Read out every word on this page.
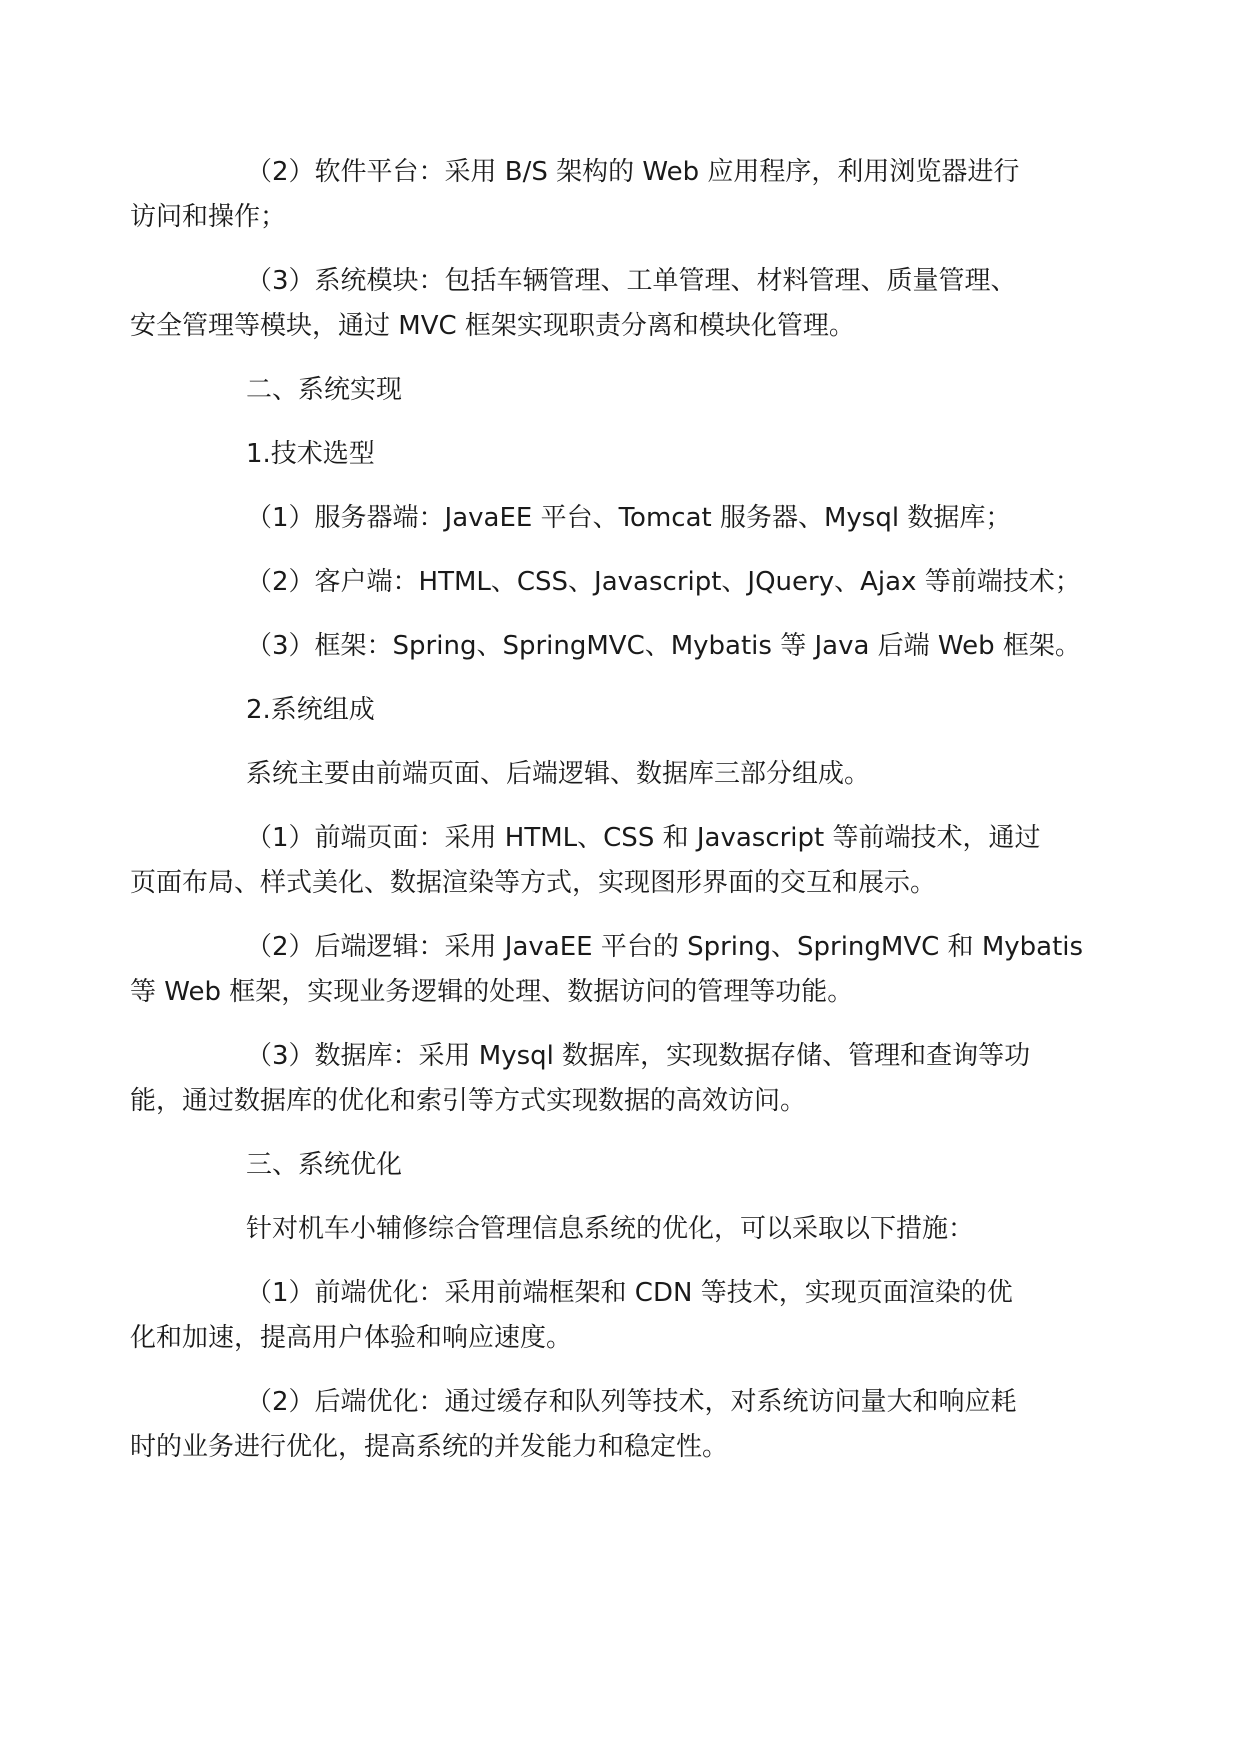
（2）软件平台：采用 B/S 架构的 Web 应用程序，利用浏览器进行
访问和操作；

（3）系统模块：包括车辆管理、工单管理、材料管理、质量管理、
安全管理等模块，通过 MVC 框架实现职责分离和模块化管理。

二、系统实现

1.技术选型

（1）服务器端：JavaEE 平台、Tomcat 服务器、Mysql 数据库；

（2）客户端：HTML、CSS、Javascript、JQuery、Ajax 等前端技术；

（3）框架：Spring、SpringMVC、Mybatis 等 Java 后端 Web 框架。

2.系统组成

系统主要由前端页面、后端逻辑、数据库三部分组成。

（1）前端页面：采用 HTML、CSS 和 Javascript 等前端技术，通过
页面布局、样式美化、数据渲染等方式，实现图形界面的交互和展示。

（2）后端逻辑：采用 JavaEE 平台的 Spring、SpringMVC 和 Mybatis
等 Web 框架，实现业务逻辑的处理、数据访问的管理等功能。

（3）数据库：采用 Mysql 数据库，实现数据存储、管理和查询等功
能，通过数据库的优化和索引等方式实现数据的高效访问。

三、系统优化

针对机车小辅修综合管理信息系统的优化，可以采取以下措施：

（1）前端优化：采用前端框架和 CDN 等技术，实现页面渲染的优
化和加速，提高用户体验和响应速度。

（2）后端优化：通过缓存和队列等技术，对系统访问量大和响应耗
时的业务进行优化，提高系统的并发能力和稳定性。
